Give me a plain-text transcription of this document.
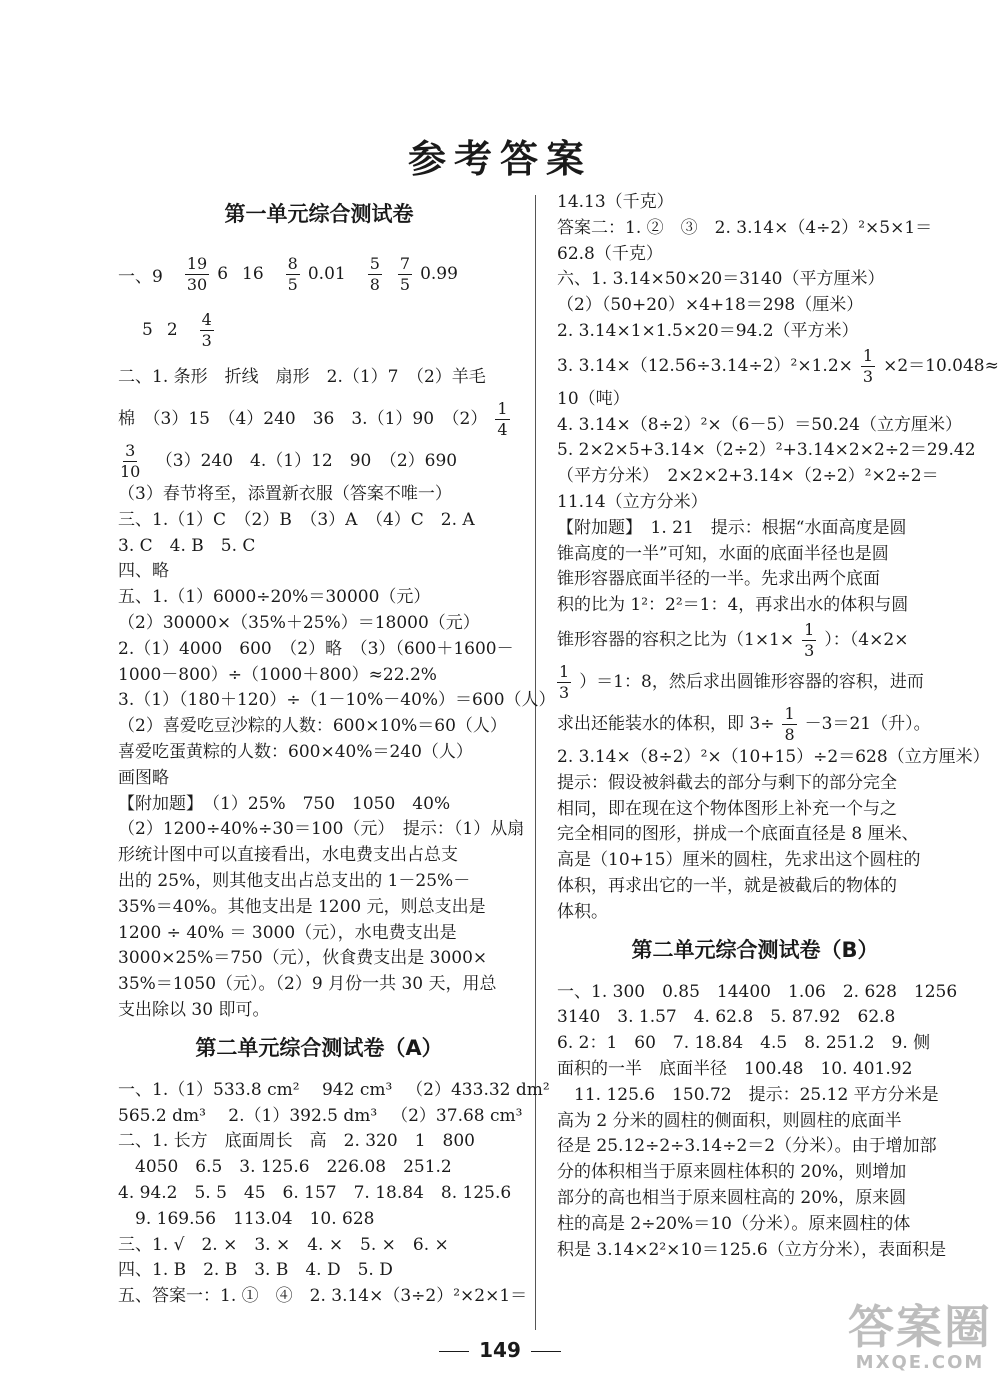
参考答案
第一单元综合测试卷
一、$9 \frac{19}{30} 6$ $16 \frac{8}{5} 0.01 \frac{5}{8} \frac{7}{5} 0.99$
5 $2 \frac{4}{3}$
二、1. 条形　折线　扇形　2.（1）7　（2）羊毛
棉　（3）15　（4）240　36　3.（1）90　$(2) \frac{1}{4}$
$\frac{3}{10} (3)240$　4.（1）12　90　（2）690
（3）春节将至，添置新衣服（答案不唯一）
三、1.（1）C　（2）B　（3）A　（4）C　2. A
3. C　4. B　5. C
四、略
五、1.（1）6000÷20%＝30000（元）
（2）30000×（35%＋25%）＝18000（元）
2.（1）4000　600　（2）略　（3）（600＋1600－
1000－800）÷（1000＋800）≈22.2%
3.（1）（180＋120）÷（1－10%－40%）＝600（人）
（2）喜爱吃豆沙粽的人数：600×10%＝60（人）
喜爱吃蛋黄粽的人数：600×40%＝240（人）
画图略
【附加题】　（1）25%　750　1050　40%
（2）1200÷40%÷30＝100（元）　提示：（1）从扇
形统计图中可以直接看出，水电费支出占总支
出的 25%，则其他支出占总支出的 1－25%－
35%＝40%。其他支出是 1200 元，则总支出是
1200 ÷ 40% ＝ 3000（元），水电费支出是
3000×25%＝750（元），伙食费支出是 3000×
35%＝1050（元）。（2）9 月份一共 30 天，用总
支出除以 30 即可。
第二单元综合测试卷（A）
一、1.（1）533.8 cm² 　942 cm³ 　（2）433.32 dm²
565.2 dm³ 　2.（1）392.5 dm³ 　（2）37.68 cm³
二、1. 长方　底面周长　高　2. 320　1　800
　4050　6.5　3. 125.6　226.08　251.2
4. 94.2　5. 5　45　6. 157　7. 18.84　8. 125.6
　9. 169.56　113.04　10. 628
三、1. √　2. ×　3. ×　4. ×　5. ×　6. ×
四、1. B　2. B　3. B　4. D　5. D
五、答案一：1. ①　④　2. 3.14×（3÷2）²×2×1＝
14.13（千克）
答案二：1. ②　③　2. 3.14×（4÷2）²×5×1＝
62.8（千克）
六、1. 3.14×50×20＝3140（平方厘米）
（2）（50+20）×4+18＝298（厘米）
2. 3.14×1×1.5×20＝94.2（平方米）
3. $3.14\times(12.56\div 3.14\div 2)^2\times 1.2\times \frac{1}{3} \times 2=10.048\approx$
10（吨）
4. 3.14×（8÷2）²×（6－5）＝50.24（立方厘米）
5. 2×2×5+3.14×（2÷2）²+3.14×2×2÷2＝29.42
（平方分米）　2×2×2+3.14×（2÷2）²×2÷2＝
11.14（立方分米）
【附加题】　1. 21　提示：根据“水面高度是圆
锥高度的一半”可知，水面的底面半径也是圆
锥形容器底面半径的一半。先求出两个底面
积的比为 1²：2²＝1：4，再求出水的体积与圆
锥形容器的容积之比为（$1\times 1\times \frac{1}{3}$ ）：（4×2×
$\frac{1}{3} )=1$：8，然后求出圆锥形容器的容积，进而
求出还能装水的体积，即 $3\div \frac{1}{8} -3=21$（升）。
2. 3.14×（8÷2）²×（10+15）÷2＝628（立方厘米）
提示：假设被斜截去的部分与剩下的部分完全
相同，即在现在这个物体图形上补充一个与之
完全相同的图形，拼成一个底面直径是 8 厘米、
高是（10+15）厘米的圆柱，先求出这个圆柱的
体积，再求出它的一半，就是被截后的物体的
体积。
第二单元综合测试卷（B）
一、1. 300　0.85　14400　1.06　2. 628　1256
3140　3. 1.57　4. 62.8　5. 87.92　62.8
6. 2：1　60　7. 18.84　4.5　8. 251.2　9. 侧
面积的一半　底面半径　100.48　10. 401.92
　11. 125.6　150.72　提示：25.12 平方分米是
高为 2 分米的圆柱的侧面积，则圆柱的底面半
径是 25.12÷2÷3.14÷2＝2（分米）。由于增加部
分的体积相当于原来圆柱体积的 20%，则增加
部分的高也相当于原来圆柱高的 20%，原来圆
柱的高是 2÷20%＝10（分米）。原来圆柱的体
积是 3.14×2²×10＝125.6（立方分米），表面积是
149	答案圈
MXQE.COM
